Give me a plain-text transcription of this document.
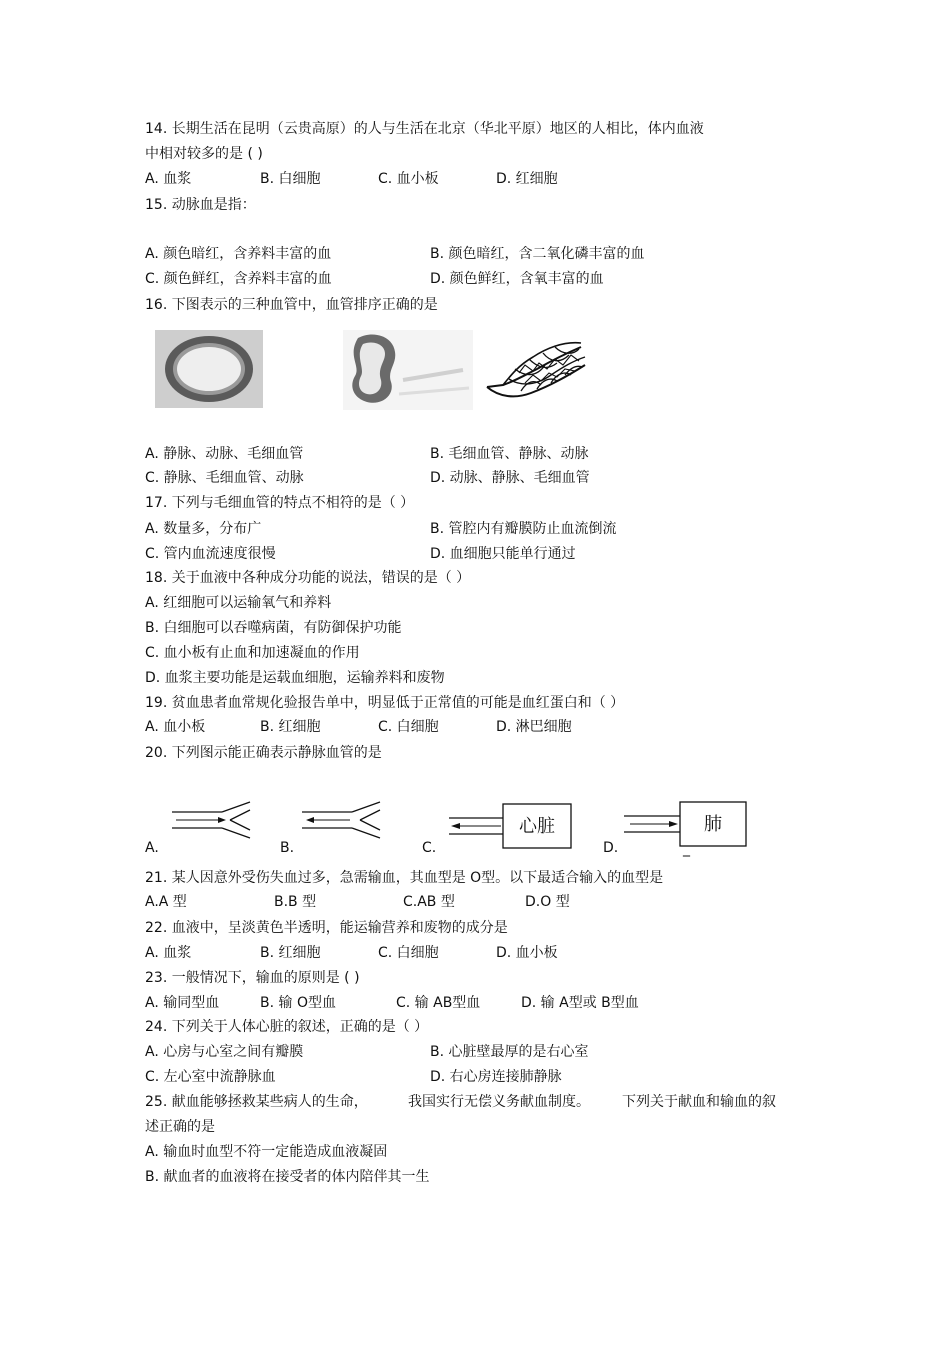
14. 长期生活在昆明（云贵高原）的人与生活在北京（华北平原）地区的人相比，体内血液
中相对较多的是 ( )
A. 血浆	B. 白细胞	C. 血小板	D. 红细胞
15. 动脉血是指：
A. 颜色暗红，含养料丰富的血	B. 颜色暗红，含二氧化磷丰富的血
C. 颜色鲜红，含养料丰富的血	D. 颜色鲜红，含氧丰富的血
16. 下图表示的三种血管中，血管排序正确的是
A. 静脉、动脉、毛细血管	B. 毛细血管、静脉、动脉
C. 静脉、毛细血管、动脉	D. 动脉、静脉、毛细血管
17. 下列与毛细血管的特点不相符的是（ ）
A. 数量多，分布广	B. 管腔内有瓣膜防止血流倒流
C. 管内血流速度很慢	D. 血细胞只能单行通过
18. 关于血液中各种成分功能的说法，错误的是（ ）
A. 红细胞可以运输氧气和养料
B. 白细胞可以吞噬病菌，有防御保护功能
C. 血小板有止血和加速凝血的作用
D. 血浆主要功能是运载血细胞，运输养料和废物
19. 贫血患者血常规化验报告单中，明显低于正常值的可能是血红蛋白和（ ）
A. 血小板	B. 红细胞	C. 白细胞	D. 淋巴细胞
20. 下列图示能正确表示静脉血管的是
心脏	肺
A.	B.	C.	D.	_
21. 某人因意外受伤失血过多，急需输血，其血型是 O型。以下最适合输入的血型是
A.A 型	B.B 型	C.AB 型	D.O 型
22. 血液中，呈淡黄色半透明，能运输营养和废物的成分是
A. 血浆	B. 红细胞	C. 白细胞	D. 血小板
23. 一般情况下，输血的原则是 ( )
A. 输同型血	B. 输 O型血	C. 输 AB型血	D. 输 A型或 B型血
24. 下列关于人体心脏的叙述，正确的是（ ）
A. 心房与心室之间有瓣膜	B. 心脏壁最厚的是右心室
C. 左心室中流静脉血	D. 右心房连接肺静脉
25. 献血能够拯救某些病人的生命，	我国实行无偿义务献血制度。 下列关于献血和输血的叙
述正确的是
A. 输血时血型不符一定能造成血液凝固
B. 献血者的血液将在接受者的体内陪伴其一生
